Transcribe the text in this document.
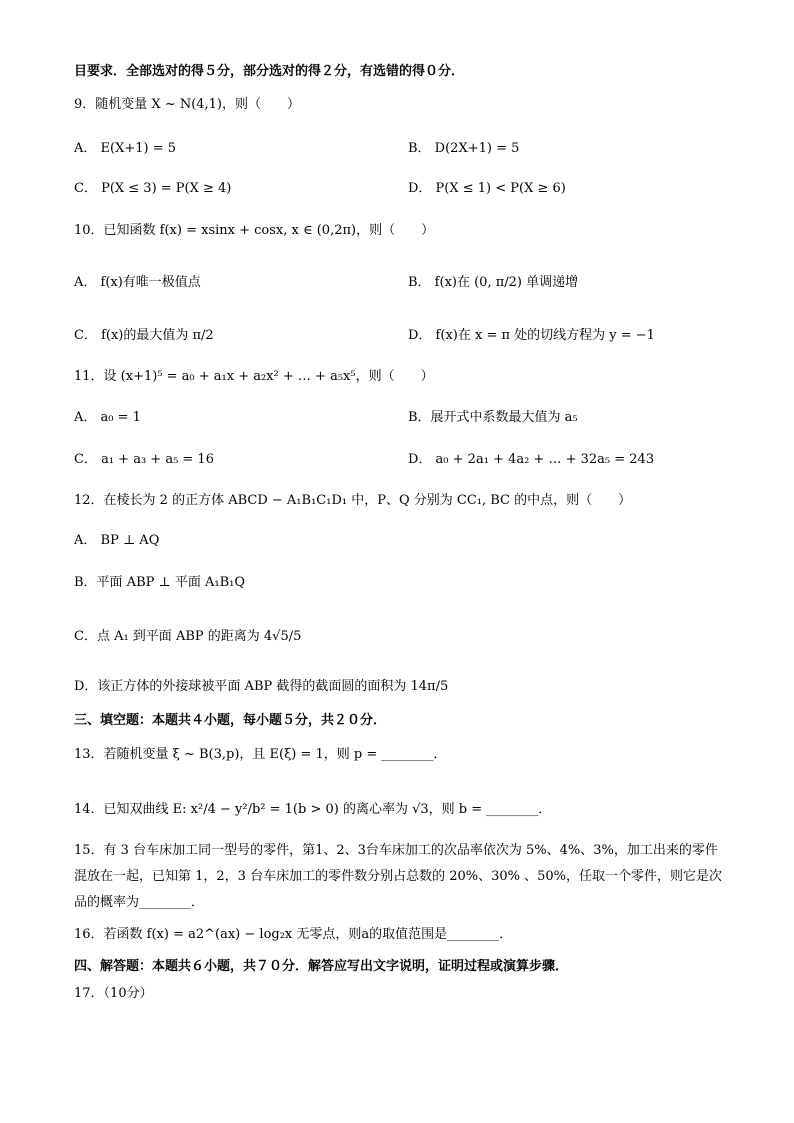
目要求．全部选对的得５分，部分选对的得２分，有选错的得０分．
9．随机变量 X ~ N(4,1)，则（　　）
A． E(X+1) = 5	B． D(2X+1) = 5
C． P(X ≤ 3) = P(X ≥ 4)	D． P(X ≤ 1) < P(X ≥ 6)
10．已知函数 f(x) = xsinx + cosx, x ∈ (0,2π)，则（　　）
A． f(x)有唯一极值点	B． f(x)在 (0, π/2) 单调递增
C． f(x)的最大值为 π/2	D． f(x)在 x = π 处的切线方程为 y = −1
11．设 (x+1)⁵ = a₀ + a₁x + a₂x² + … + a₅x⁵，则（　　）
A． a₀ = 1	B．展开式中系数最大值为 a₅
C． a₁ + a₃ + a₅ = 16	D． a₀ + 2a₁ + 4a₂ + … + 32a₅ = 243
12．在棱长为 2 的正方体 ABCD − A₁B₁C₁D₁ 中，P、Q 分别为 CC₁, BC 的中点，则（　　）
A． BP ⊥ AQ
B．平面 ABP ⊥ 平面 A₁B₁Q
C．点 A₁ 到平面 ABP 的距离为 4√5/5
D．该正方体的外接球被平面 ABP 截得的截面圆的面积为 14π/5
三、填空题：本题共４小题，每小题５分，共２０分．
13．若随机变量 ξ ~ B(3,p)，且 E(ξ) = 1，则 p = ________．
14．已知双曲线 E: x²/4 − y²/b² = 1(b > 0) 的离心率为 √3，则 b = ________．
15．有 3 台车床加工同一型号的零件，第1、2、3台车床加工的次品率依次为 5%、4%、3%，加工出来的零件混放在一起，已知第 1，2，3 台车床加工的零件数分别占总数的 20%、30% 、50%，任取一个零件，则它是次品的概率为________．
16．若函数 f(x) = a2^(ax) − log₂x 无零点，则a的取值范围是________．
四、解答题：本题共６小题，共７０分．解答应写出文字说明，证明过程或演算步骤．
17．（10分）
